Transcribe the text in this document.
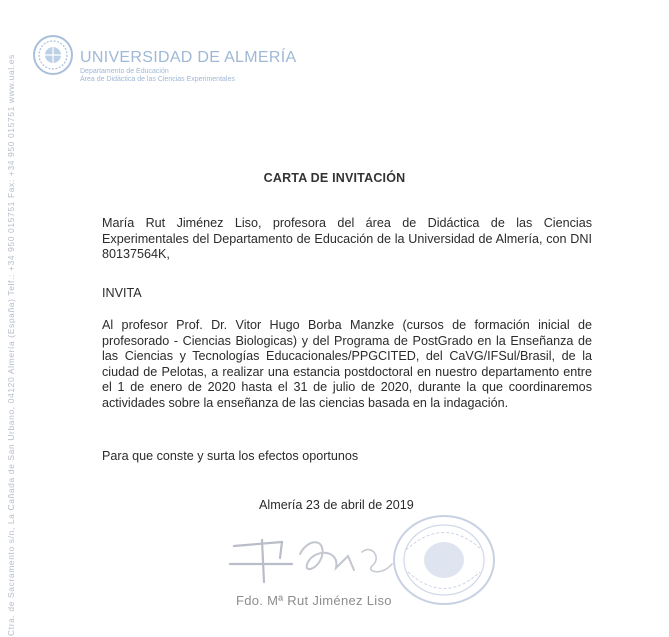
UNIVERSIDAD DE ALMERÍA
Departamento de Educación
Área de Didáctica de las Ciencias Experimentales
Ctra. de Sacramento s/n, La Cañada de San Urbano, 04120 Almería (España) Telf.: +34 950 015751 Fax: +34 950 015751 www.ual.es	CARTA DE INVITACIÓN
María Rut Jiménez Liso, profesora del área de Didáctica de las Ciencias Experimentales del Departamento de Educación de la Universidad de Almería, con DNI 80137564K,
INVITA
Al profesor Prof. Dr. Vitor Hugo Borba Manzke (cursos de formación inicial de profesorado - Ciencias Biologicas) y del Programa de PostGrado en la Enseñanza de las Ciencias y Tecnologías Educacionales/PPGCITED, del CaVG/IFSul/Brasil, de la ciudad de Pelotas, a realizar una estancia postdoctoral en nuestro departamento entre el 1 de enero de 2020 hasta el 31 de julio de 2020, durante la que coordinaremos actividades sobre la enseñanza de las ciencias basada en la indagación.
Para que conste y surta los efectos oportunos
Almería 23 de abril de 2019
Fdo. Mª Rut Jiménez Liso
